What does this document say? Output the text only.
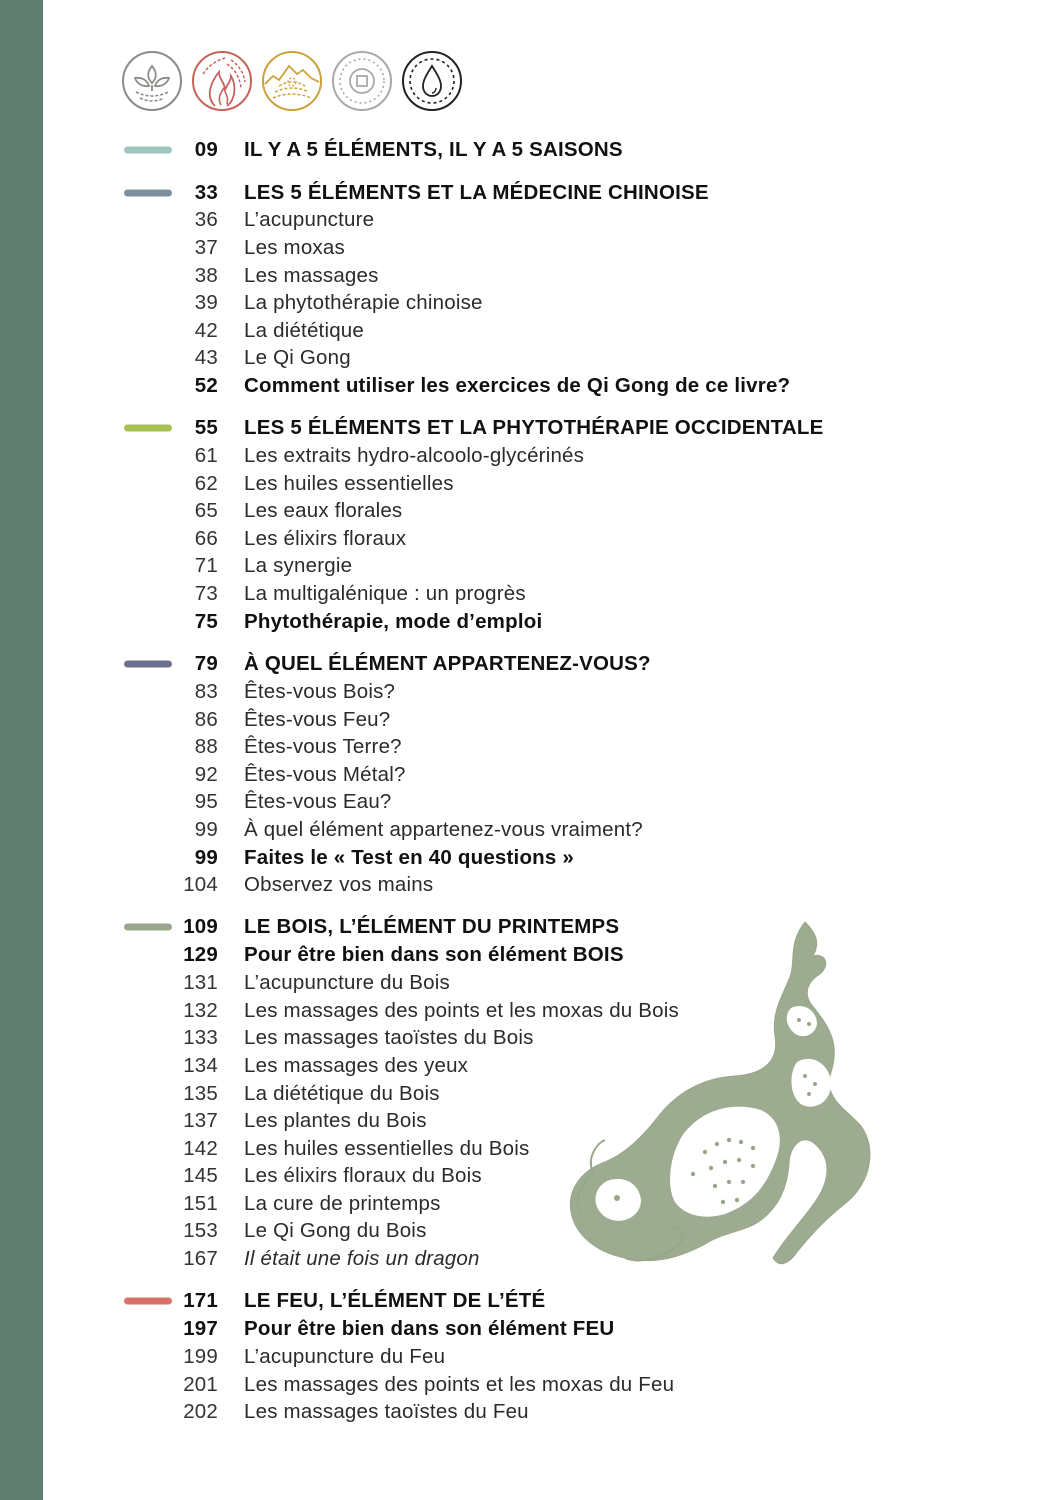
09 IL Y A 5 ÉLÉMENTS, IL Y A 5 SAISONS
33 LES 5 ÉLÉMENTS ET LA MÉDECINE CHINOISE
36 L’acupuncture
37 Les moxas
38 Les massages
39 La phytothérapie chinoise
42 La diététique
43 Le Qi Gong
52 Comment utiliser les exercices de Qi Gong de ce livre?
55 LES 5 ÉLÉMENTS ET LA PHYTOTHÉRAPIE OCCIDENTALE
61 Les extraits hydro-alcoolo-glycérinés
62 Les huiles essentielles
65 Les eaux florales
66 Les élixirs floraux
71 La synergie
73 La multigalénique : un progrès
75 Phytothérapie, mode d’emploi
79 À QUEL ÉLÉMENT APPARTENEZ-VOUS?
83 Êtes-vous Bois?
86 Êtes-vous Feu?
88 Êtes-vous Terre?
92 Êtes-vous Métal?
95 Êtes-vous Eau?
99 À quel élément appartenez-vous vraiment?
99 Faites le « Test en 40 questions »
104 Observez vos mains
109 LE BOIS, L’ÉLÉMENT DU PRINTEMPS
129 Pour être bien dans son élément BOIS
131 L’acupuncture du Bois
132 Les massages des points et les moxas du Bois
133 Les massages taoïstes du Bois
134 Les massages des yeux
135 La diététique du Bois
137 Les plantes du Bois
142 Les huiles essentielles du Bois
145 Les élixirs floraux du Bois
151 La cure de printemps
153 Le Qi Gong du Bois
167 Il était une fois un dragon
171 LE FEU, L’ÉLÉMENT DE L’ÉTÉ
197 Pour être bien dans son élément FEU
199 L’acupuncture du Feu
201 Les massages des points et les moxas du Feu
202 Les massages taoïstes du Feu
